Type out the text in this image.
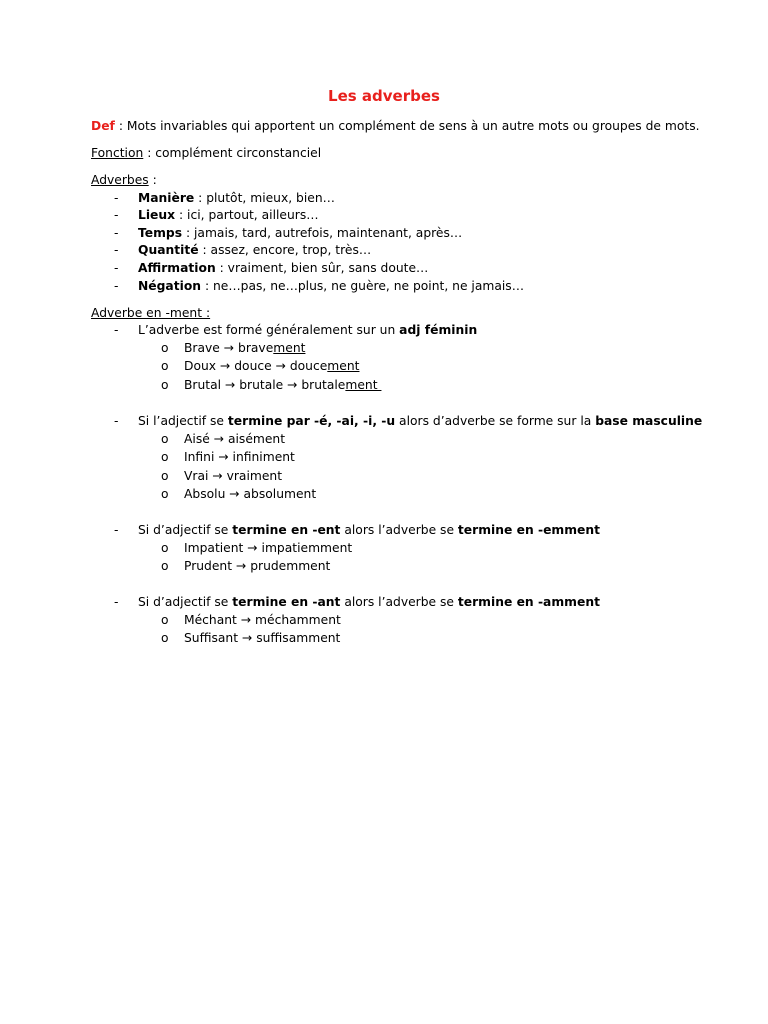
Les adverbes
Def : Mots invariables qui apportent un complément de sens à un autre mots ou groupes de mots.
Fonction : complément circonstanciel
Adverbes :
- Manière : plutôt, mieux, bien…
- Lieux : ici, partout, ailleurs…
- Temps : jamais, tard, autrefois, maintenant, après…
- Quantité : assez, encore, trop, très…
- Affirmation : vraiment, bien sûr, sans doute…
- Négation : ne…pas, ne…plus, ne guère, ne point, ne jamais…
Adverbe en -ment :
- L’adverbe est formé généralement sur un adj féminin
o Brave → bravement
o Doux → douce → doucement
o Brutal → brutale → brutalement
- Si l’adjectif se termine par -é, -ai, -i, -u alors d’adverbe se forme sur la base masculine
o Aisé → aisément
o Infini → infiniment
o Vrai → vraiment
o Absolu → absolument
- Si d’adjectif se termine en -ent alors l’adverbe se termine en -emment
o Impatient → impatiemment
o Prudent → prudemment
- Si d’adjectif se termine en -ant alors l’adverbe se termine en -amment
o Méchant → méchamment
o Suffisant → suffisamment
